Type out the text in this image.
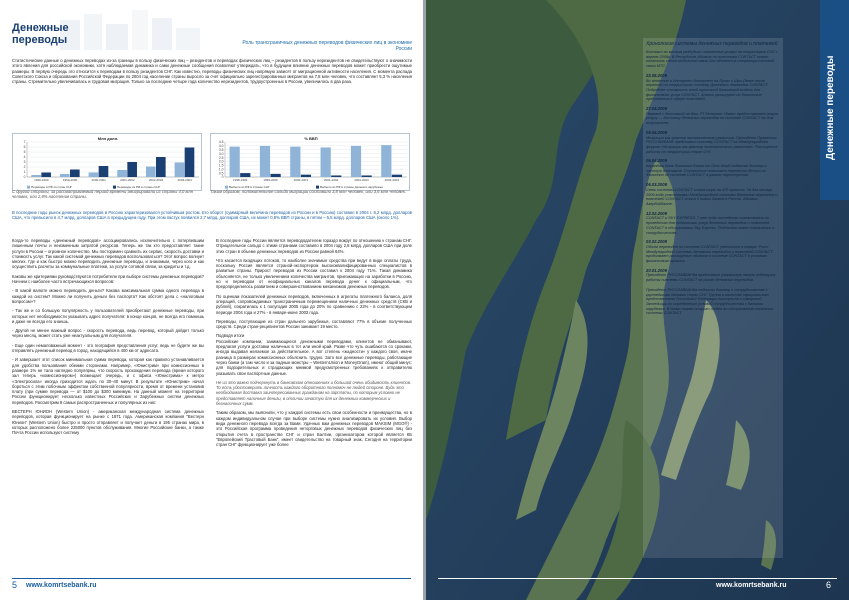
Денежные
переводы	Роль трансграничных денежных переводов физических лиц в экономике России
Статистические данные о денежных переводах из-за границы в пользу физических лиц – резидентов и переводах физических лиц – резидентов в пользу нерезидентов не свидетельствуют о значимости этого явления для российской экономики, хотя наблюдаемая динамика и сами денежные сообщения позволяют утверждать, что в будущем влияние денежных переводов может приобрести ощутимые размеры. В первую очередь это относится к переводам в пользу резидентов СНГ. Как известно, переводы физических лиц напрямую зависят от миграционной активности населения. С момента распада Советского Союза и образования Российской Федерации по 2004 год население страны выросло за счет официально зарегистрированных мигрантов на 7,8 млн человек, что составляет 5,3 % населения страны. Стремительно увеличивалась и трудовая миграция. Только за последние четыре года количество нерезидентов, трудоустроенных в России, увеличилось в два раза.
Млн долл.
0
1
2
3
4
5
6
7
1998-1999	1999-2000	2000-2001	2001-2002	2002-2003	2003-2004
Переводы в РФ из стран СНГ	Переводы из РФ в страны СНГ
% ВВП
0
0.5
1.0
1.5
2.0
2.5
3.0
3.5
4.0
4.5
1998-1999	1999-2000	2000-2001	2001-2002	2002-2003	2003-2004
Выбыло из РФ в страны СНГ	Выбыло из РФ в страны дальнего зарубежья
С другой стороны, за рассматриваемый период времени эмигрировали из страны 4,0 млн человек, или 2,8% населения страны.
Таким образом, положительное сальдо миграции составило 3,8 млн человек, или 3,6 млн человек.
В последние годы рынок денежных переводов в Россию характеризовался устойчивым ростом. Его оборот (суммарный величина переводов из России и в Россию) составил в 2004 г. 8,2 млрд. долларов США, что превысило в 4,7 млрд. долларов США в предыдущем году. При этом пастух появился 2,7 млрд. долларов США, их может 0,8% ВВП страны, в пятом – 5,5 млрд. долларов США (около 1%).

Когда-то переводы «денежный переводов» ассоциировались исключительно с потерпевшим лишенным почты и неизменным затратой ресурсов. Теперь же так кто предоставляет такие услуги в России – огромное количество. Мы посторимен сравнить их сервис, скорость доставки и стоимость услуг. Так какой системой денежных переводов воспользоваться? Этот вопрос волнует многих. Где и как быстро можно переводить денежные переводы, и знакомым, через кого и как осуществить расчеты за коммунальные платежи, за услуги сотовой связи, за кредиты и т.д.

Каковы же критериями руководствуются потребители при выборе системы денежных переводов? Начнем с наиболее часто встречающихся вопросов:

- В какой валюте можно переводить деньги? Какова максимальная сумма одного перевода в каждой из систем? Можно ли получить деньги без паспорта? Как обстоят дела с «налоговым вопросом»?

- Так же и со большую популярность у пользователей приобретают денежные переводы, при которых нет необходимости указывать адрес получателя: в конце концов, не всегда его помнишь и даже не всегда его знаешь.

- Другой не менее важный вопрос - скорость перевода, ведь перевод, который дойдет только через месяц, может стать уже неактуальным для получателя.

- Еще один немаловажный момент - это география представления услуг, ведь не будете же вы отправлять денежный перевод в город, находящийся в 400 км от адресата.

- И завершает этот список минимальная сумма перевода, которая как правило устанавливается для удобства пользования обеими сторонами. Например, «Юнистрим» при комиссионных в размере 1% не тала наглядно популярны, что скорость прохождения перевода (время которого зал теперь «комиссионером») возмещает очередь, и с офиса «Юнистрима» к метро «Электросила» иногда приходится ждать по 30–40 минут. В результате «Юнистрим» начал бороться с этим побочным эффектом собственной популярности, время от времени установив плату (при сумме перевода — от $100 до $300 минимум. На данный момент на территории России функционирует несколько известных Российских и Зарубежных систем денежных переводов. Рассмотрим 9 самых распространенных и популярных из них:

ВЕСТЕРН ЮНИОН (Western Union) - американская международная система денежных переводов, которая функционирует на рынке с 1871 года. Американская компания "Вестерн Юнион" (Western Union) быстро и просто отправляет и получает деньги в 195 странах мира, в которых расположено более 225000 пунктов обслуживания. Многие Российские банки, а также Почта России используют систему

В последние годы России является перевододателем гораздо вокруг по отношению к странам СНГ. Отрицательное сальдо с этими странами составило в 2004 году 2,8 млрд. долларов США при доле этих стран в объеме денежных переводов из России равной 64%.

Что касается входящих потоков, то наиболее значимые средства при ведут в виде оплаты труда, поскольку Россия является страной-экспортером высококвалифицированных специалистов в развитые страны. Прирост переводов из России составил к 2004 году 71%. Такая динамика объясняется, не только увеличением количества мигрантов, приезжающих на заработки в Россию, но и переводом от неофициальных каналов перевода денег к официальным, что предопределилось развитием и совершенствованием механизмов денежных переводов.

По оценкам показателей денежных переводов, включенных в агрегаты платежного баланса, доля операций, сопровождаемых трансграничным перемещением наличных денежных средств (СКВ и рублей), сократилась к 1 полугодия 2005 года до 20% по сравнению с 22% - в соответствующем периоде 2004 года и 27% - в январе-июне 2003 года.

Переводы, поступающие из стран дальнего зарубежья, составляют 77% в объеме полученных средств. Среди стран-реципиентов России занимает 19 место.

Подводя итоги
Российские компании, занимающиеся денежными переводами, клиентов не обманывают, предлагая услуги доставки наличных в тот или иной край. Разве что чуть ошибаются со сроками, иногда выдавая желаемое за действительное. А вот степень «жадности» у каждого своя, иначе разница в размерах комиссионных объяснить трудно. Зато все денежные переводы, работающие через банки (а там число и за падные монстры – WesternUnion и MoneyGram), имеют общий минус: для подозрительных и страдающих мнимой предусмотренных требованиях к отправителю указывать свои паспортные данные.

Не из это важно подчеркнуть в банковском отношениях и большой очень обидимость клиентов. То есть удостоверить личность каждого оборотного полномоч не людей стороне. Будь это необходимая доставка заинтересованных гражданам на зарплаты, по которым условно не представляет наличные деньги, в отличии зачастую для их денежных коммерческих и безналичных сумм.

Таким образом, мы выяснили, что у каждой системы есть свои особенности и преимущества, но в каждом индивидуальном случае при выборе системы нужно анализировать их условия. Выбор вида денежного перевода всегда за Вами. Удачных вам денежных переводов MAKSIM (MGO®) - это Российская программа проведения неторговых денежных переводов физических лиц без открытия счета в пространстве СНГ и стран Балтии, организатором которой является КБ "Европейский Трастовый Банк", имеет свидетельство на товарный знак. Сегодня на территории стран СНГ функционирует уже более

5 www.komrtsebank.ru
Хронология системы денежных переводов и платежей
Контакт во многом разбудили платежные услуги на территории СНГ с апреля 2009г. В Республике Абхазия по платежам CONTACT можно оплатить счета мобильной связи для абонентов оператора сотовой связи МТС
22.05.2009
Во вложение в Интернет Интернет на Лунах и Шри-Ланке после перехода на территорию систему Денежных переводов CONTACT. Подробнее стоимость этой оценочной банковской модели для финансового услуг CONTACT. Анапии реагируют на банковские предложения в сфере платежей.
27.04.2009
Перевод с доставкой на дом. РТ Монолит «Банк» предоставляет новую услугу — доставку денежных переводов по системе CONTACT на дом получателю.
09.04.2009
Миграция как фактор экономического развития. Президент Правления РУССЛАВБАНК представил систему CONTACT на Международном форуме «Миграция как фактор экономического развития». Расширение работы на территории стран СНГ.
06.04.2009
Карандаш Банк Филиппин Банка от Ото Шорб подписал договор о частную Контакте. Соглашение позволяет перевести деньги из Филиппин по системе CONTACT в рамках партнерства.
06.03.2009
Сеть системы CONTACT стала шире на 470 пунктов. За два месяца 2009 года участниками Международной системы денежных переводов и платежей CONTACT стали 5 новых банков в России, Абхазии, Азербайджане.
12.02.2009
CONTACT и SKY EXPRESS: 7 лет года последнего согласования по проведению для подготовки услуг денежных переводов и платежей CONTACT в обслуживании Sky Express. Подписано новое соглашение о сотрудничестве.
03.02.2009
Объем переводов по системе CONTACT увеличился в январе. Рост Международной системы денежных переводов и платежей CONTACT продолжает расширение объемов в системе CONTACT в условиях финансового кризиса.
20.01.2009
Президент РУССЛАВБАНКа представил уникальную пятую годовщину работы системы CONTACT на рынке денежных переводов.
Президент РУССЛАВБАНКа подписал договор о сотрудничестве с крупнейшими банками стран СНГ. Группа в качестве официального представителя Российской Федерации выступила в самарской Экспедиции по определению условий сотрудничества с банками зарубежья. В банке также открыт отдел по обслуживанию клиентов системы CONTACT.
www.komrtsebank.ru	6
Денежные переводы
